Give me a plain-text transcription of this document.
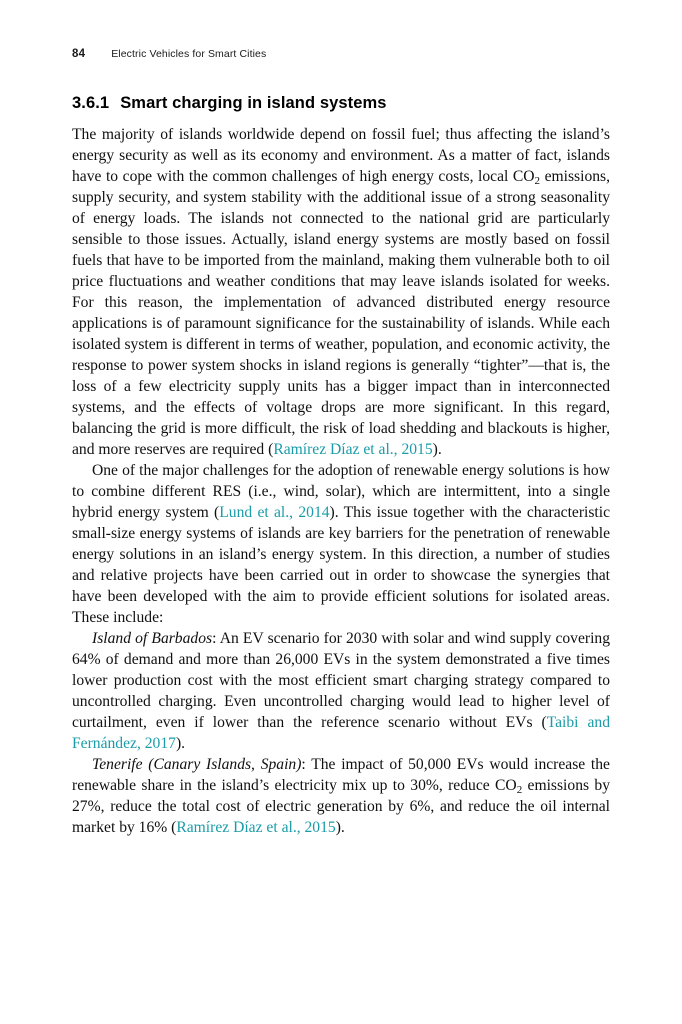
84 Electric Vehicles for Smart Cities
3.6.1 Smart charging in island systems

The majority of islands worldwide depend on fossil fuel; thus affecting the island’s energy security as well as its economy and environment. As a matter of fact, islands have to cope with the common challenges of high energy costs, local CO2 emissions, supply security, and system stability with the additional issue of a strong seasonality of energy loads. The islands not connected to the national grid are particularly sensible to those issues. Actually, island energy systems are mostly based on fossil fuels that have to be imported from the mainland, making them vulnerable both to oil price fluctuations and weather conditions that may leave islands isolated for weeks. For this reason, the implementation of advanced distributed energy resource applications is of paramount significance for the sustainability of islands. While each isolated system is different in terms of weather, population, and economic activity, the response to power system shocks in island regions is generally “tighter”—that is, the loss of a few electricity supply units has a bigger impact than in interconnected systems, and the effects of voltage drops are more significant. In this regard, balancing the grid is more difficult, the risk of load shedding and blackouts is higher, and more reserves are required (Ramírez Díaz et al., 2015).

One of the major challenges for the adoption of renewable energy solutions is how to combine different RES (i.e., wind, solar), which are intermittent, into a single hybrid energy system (Lund et al., 2014). This issue together with the characteristic small-size energy systems of islands are key barriers for the penetration of renewable energy solutions in an island’s energy system. In this direction, a number of studies and relative projects have been carried out in order to showcase the synergies that have been developed with the aim to provide efficient solutions for isolated areas. These include:

Island of Barbados: An EV scenario for 2030 with solar and wind supply covering 64% of demand and more than 26,000 EVs in the system demonstrated a five times lower production cost with the most efficient smart charging strategy compared to uncontrolled charging. Even uncontrolled charging would lead to higher level of curtailment, even if lower than the reference scenario without EVs (Taibi and Fernández, 2017).

Tenerife (Canary Islands, Spain): The impact of 50,000 EVs would increase the renewable share in the island’s electricity mix up to 30%, reduce CO2 emissions by 27%, reduce the total cost of electric generation by 6%, and reduce the oil internal market by 16% (Ramírez Díaz et al., 2015).
